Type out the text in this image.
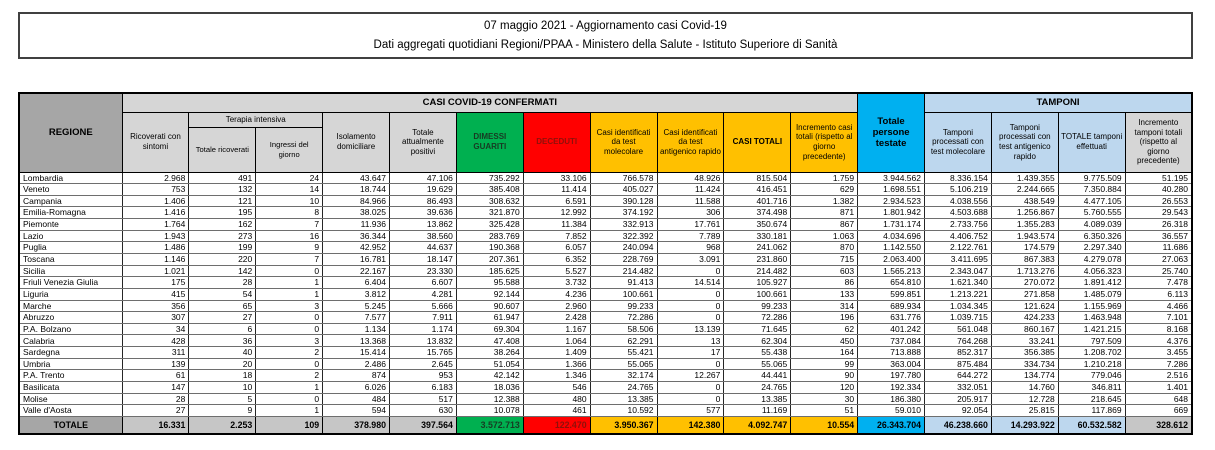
07 maggio 2021 - Aggiornamento casi Covid-19
Dati aggregati quotidiani Regioni/PPAA - Ministero della Salute - Istituto Superiore di Sanità
REGIONE	CASI COVID-19 CONFERMATI											Totale persone testate	TAMPONI			
	Ricoverati con sintomi	Terapia intensiva		Isolamento domiciliare	Totale attualmente positivi	DIMESSI GUARITI	DECEDUTI	Casi identificati da test molecolare	Casi identificati da test antigenico rapido	CASI TOTALI	Incremento casi totali (rispetto al giorno precedente)		Tamponi processati con test molecolare	Tamponi processati con test antigenico rapido	TOTALE tamponi effettuati	Incremento tamponi totali (rispetto al giorno precedente)
		Totale ricoverati	Ingressi del giorno													
Lombardia	2.968	491	24	43.647	47.106	735.292	33.106	766.578	48.926	815.504	1.759	3.944.562	8.336.154	1.439.355	9.775.509	51.195
Veneto	753	132	14	18.744	19.629	385.408	11.414	405.027	11.424	416.451	629	1.698.551	5.106.219	2.244.665	7.350.884	40.280
Campania	1.406	121	10	84.966	86.493	308.632	6.591	390.128	11.588	401.716	1.382	2.934.523	4.038.556	438.549	4.477.105	26.553
Emilia-Romagna	1.416	195	8	38.025	39.636	321.870	12.992	374.192	306	374.498	871	1.801.942	4.503.688	1.256.867	5.760.555	29.543
Piemonte	1.764	162	7	11.936	13.862	325.428	11.384	332.913	17.761	350.674	867	1.731.174	2.733.756	1.355.283	4.089.039	26.318
Lazio	1.943	273	16	36.344	38.560	283.769	7.852	322.392	7.789	330.181	1.063	4.034.696	4.406.752	1.943.574	6.350.326	36.557
Puglia	1.486	199	9	42.952	44.637	190.368	6.057	240.094	968	241.062	870	1.142.550	2.122.761	174.579	2.297.340	11.686
Toscana	1.146	220	7	16.781	18.147	207.361	6.352	228.769	3.091	231.860	715	2.063.400	3.411.695	867.383	4.279.078	27.063
Sicilia	1.021	142	0	22.167	23.330	185.625	5.527	214.482	0	214.482	603	1.565.213	2.343.047	1.713.276	4.056.323	25.740
Friuli Venezia Giulia	175	28	1	6.404	6.607	95.588	3.732	91.413	14.514	105.927	86	654.810	1.621.340	270.072	1.891.412	7.478
Liguria	415	54	1	3.812	4.281	92.144	4.236	100.661	0	100.661	133	599.851	1.213.221	271.858	1.485.079	6.113
Marche	356	65	3	5.245	5.666	90.607	2.960	99.233	0	99.233	314	689.934	1.034.345	121.624	1.155.969	4.466
Abruzzo	307	27	0	7.577	7.911	61.947	2.428	72.286	0	72.286	196	631.776	1.039.715	424.233	1.463.948	7.101
P.A. Bolzano	34	6	0	1.134	1.174	69.304	1.167	58.506	13.139	71.645	62	401.242	561.048	860.167	1.421.215	8.168
Calabria	428	36	3	13.368	13.832	47.408	1.064	62.291	13	62.304	450	737.084	764.268	33.241	797.509	4.376
Sardegna	311	40	2	15.414	15.765	38.264	1.409	55.421	17	55.438	164	713.888	852.317	356.385	1.208.702	3.455
Umbria	139	20	0	2.486	2.645	51.054	1.366	55.065	0	55.065	99	363.004	875.484	334.734	1.210.218	7.286
P.A. Trento	61	18	2	874	953	42.142	1.346	32.174	12.267	44.441	90	197.780	644.272	134.774	779.046	2.516
Basilicata	147	10	1	6.026	6.183	18.036	546	24.765	0	24.765	120	192.334	332.051	14.760	346.811	1.401
Molise	28	5	0	484	517	12.388	480	13.385	0	13.385	30	186.380	205.917	12.728	218.645	648
Valle d'Aosta	27	9	1	594	630	10.078	461	10.592	577	11.169	51	59.010	92.054	25.815	117.869	669
TOTALE	16.331	2.253	109	378.980	397.564	3.572.713	122.470	3.950.367	142.380	4.092.747	10.554	26.343.704	46.238.660	14.293.922	60.532.582	328.612
